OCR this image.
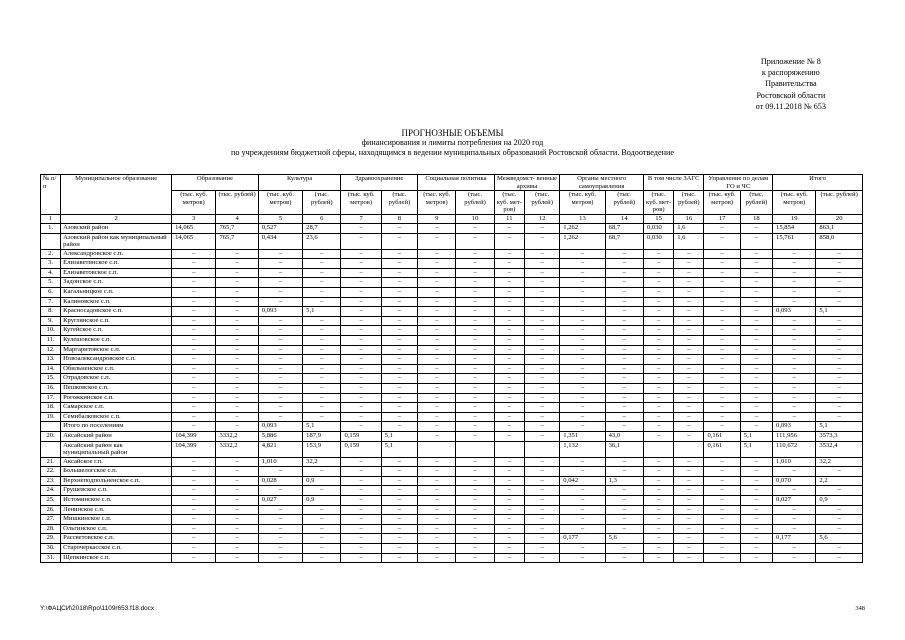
Приложение № 8
к распоряжению
Правительства
Ростовской области
от 09.11.2018 № 653
ПРОГНОЗНЫЕ ОБЪЕМЫ
финансирования и лимиты потребления на 2020 год
по учреждениям бюджетной сферы, находящимся в ведении муниципальных образований Ростовской области. Водоотведение
№ п/п	Муниципальное образование	Образование		Культура		Здравоохранение		Социальная политика		Межведомст- венные архивы		Органы местного самоуправления		В том числе ЗАГС		Управление по делам ГО и ЧС		Итого	
		(тыс. куб. метров)	(тыс. рублей)	(тыс. куб. метров)	(тыс. рублей)	(тыс. куб. метров)	(тыс. рублей)	(тыс. куб. метров)	(тыс. рублей)	(тыс. куб. мет- ров)	(тыс. рублей)	(тыс. куб. метров)	(тыс. рублей)	(тыс. куб. мет- ров)	(тыс. рублей)	(тыс. куб. метров)	(тыс. рублей)	(тыс. куб. метров)	(тыс. рублей)
1	2	3	4	5	6	7	8	9	10	11	12	13	14	15	16	17	18	19	20
1.	Азовский район	14,065	765,7	0,527	28,7	–	–	–	–	–	–	1,262	68,7	0,030	1,6	–	–	15,854	863,1
	Азовский район как муниципальный район	14,065	765,7	0,434	23,6	–	–	–	–	–	–	1,262	68,7	0,030	1,6	–	–	15,761	858,0
2.	Александровское с.п.	–	–	–	–	–	–	–	–	–	–	–	–	–	–	–	–	–	–
3.	Елизаветинское с.п.	–	–	–	–	–	–	–	–	–	–	–	–	–	–	–	–	–	–
4.	Елизаветовское с.п.	–	–	–	–	–	–	–	–	–	–	–	–	–	–	–	–	–	–
5.	Задонское с.п.	–	–	–	–	–	–	–	–	–	–	–	–	–	–	–	–	–	–
6.	Кагальницкое с.п.	–	–	–	–	–	–	–	–	–	–	–	–	–	–	–	–	–	–
7.	Калиновское с.п.	–	–	–	–	–	–	–	–	–	–	–	–	–	–	–	–	–	–
8.	Красносадовское с.п.	–	–	0,093	5,1	–	–	–	–	–	–	–	–	–	–	–	–	0,093	5,1
9.	Круглянское с.п.	–	–	–	–	–	–	–	–	–	–	–	–	–	–	–	–	–	–
10.	Кугейское с.п.	–	–	–	–	–	–	–	–	–	–	–	–	–	–	–	–	–	–
11.	Кулешовское с.п.	–	–	–	–	–	–	–	–	–	–	–	–	–	–	–	–	–	–
12.	Маргаритовское с.п.	–	–	–	–	–	–	–	–	–	–	–	–	–	–	–	–	–	–
13.	Новоалександровское с.п.	–	–	–	–	–	–	–	–	–	–	–	–	–	–	–	–	–	–
14.	Обильненское с.п.	–	–	–	–	–	–	–	–	–	–	–	–	–	–	–	–	–	–
15.	Отрадовское с.п.	–	–	–	–	–	–	–	–	–	–	–	–	–	–	–	–	–	–
16.	Пешковское с.п.	–	–	–	–	–	–	–	–	–	–	–	–	–	–	–	–	–	–
17.	Рогожкинское с.п.	–	–	–	–	–	–	–	–	–	–	–	–	–	–	–	–	–	–
18.	Самарское с.п.	–	–	–	–	–	–	–	–	–	–	–	–	–	–	–	–	–	–
19.	Семибалковское с.п.	–	–	–	–	–	–	–	–	–	–	–	–	–	–	–	–	–	–
	Итого по поселениям	–	–	0,093	5,1	–	–	–	–	–	–	–	–	–	–	–	–	0,093	5,1
20.	Аксайский район	104,399	3332,2	5,886	187,9	0,159	5,1	–	–	–	–	1,351	43,0	–	–	0,161	5,1	111,956	3573,3
	Аксайский район как муниципальный район	104,399	3332,2	4,821	153,9	0,159	5,1					1,132	36,1			0,161	5,1	110,672	3532,4
21.	Аксайское г.п.	–	–	1,010	32,2	–	–	–	–	–	–	–	–	–	–	–	–	1,010	32,2
22.	Большелогское с.п.	–	–	–	–	–	–	–	–	–	–	–	–	–	–	–	–	–	–
23.	Верхнеподпольненское с.п.	–	–	0,028	0,9	–	–	–	–	–	–	0,042	1,3	–	–	–	–	0,070	2,2
24.	Грушевское с.п.	–	–	–	–	–	–	–	–	–	–	–	–	–	–	–	–	–	–
25.	Истоминское с.п.	–	–	0,027	0,9	–	–	–	–	–	–	–	–	–	–	–	–	0,027	0,9
26.	Ленинское с.п.	–	–	–	–	–	–	–	–	–	–	–	–	–	–	–	–	–	–
27.	Мишкинское с.п.	–	–	–	–	–	–	–	–	–	–	–	–	–	–	–	–	–	–
28.	Ольгинское с.п.	–	–	–	–	–	–	–	–	–	–	–	–	–	–	–	–	–	–
29.	Рассветовское с.п.	–	–	–	–	–	–	–	–	–	–	0,177	5,6	–	–	–	–	0,177	5,6
30.	Старочеркасское с.п.	–	–	–	–	–	–	–	–	–	–	–	–	–	–	–	–	–	–
31.	Щепкинское с.п.	–	–	–	–	–	–	–	–	–	–	–	–	–	–	–	–	–	–
Y:\ФАЦСИ\2018\Rpo\1109r653.f18.docx	348
